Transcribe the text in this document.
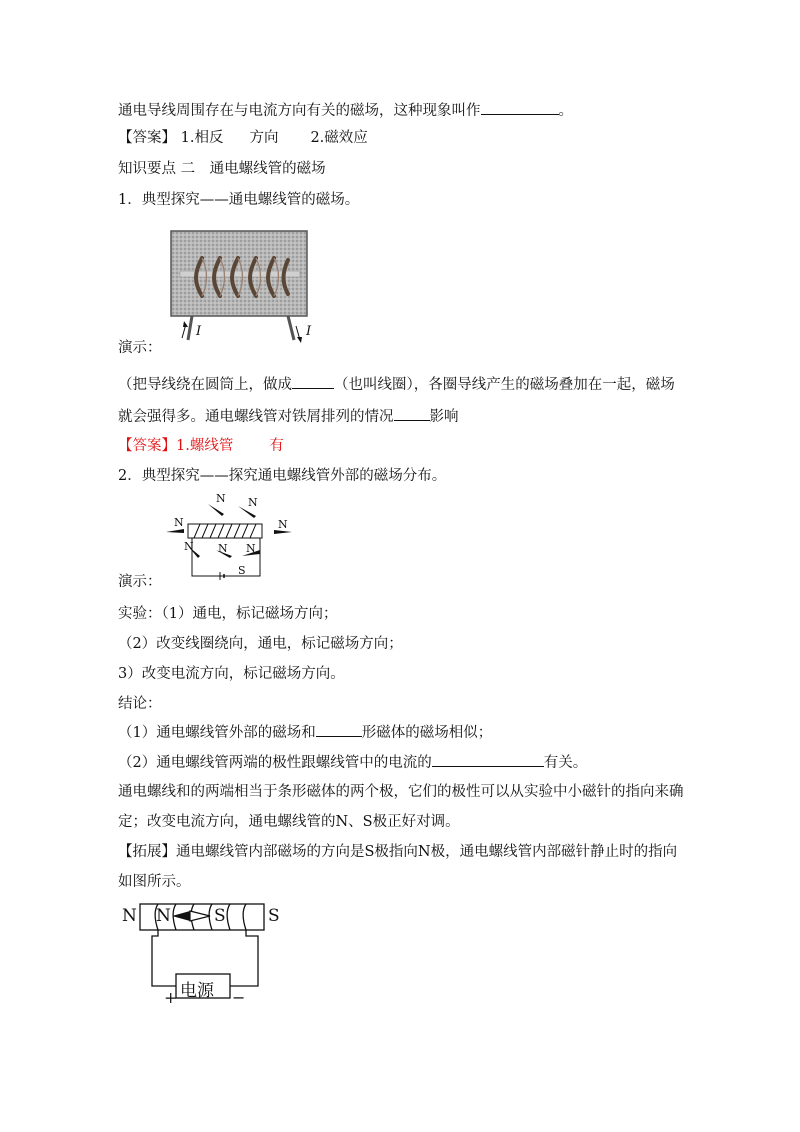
通电导线周围存在与电流方向有关的磁场，这种现象叫作	。
【答案】 1.相反 方向 2.磁效应
知识要点 二　通电螺线管的磁场
1．典型探究——通电螺线管的磁场。
I	I
演示：
（把导线绕在圆筒上，做成	（也叫线圈），各圈导线产生的磁场叠加在一起，磁场
就会强得多。通电螺线管对铁屑排列的情况 影响
【答案】1.螺线管 有
2．典型探究——探究通电螺线管外部的磁场分布。
N
N N
N
N N N
S
演示：
实验：（1）通电，标记磁场方向；
（2）改变线圈绕向，通电，标记磁场方向；
3）改变电流方向，标记磁场方向。
结论：
（1）通电螺线管外部的磁场和	形磁体的磁场相似；
（2）通电螺线管两端的极性跟螺线管中的电流的	有关。
通电螺线和的两端相当于条形磁体的两个极，它们的极性可以从实验中小磁针的指向来确
定；改变电流方向，通电螺线管的N、S极正好对调。
【拓展】通电螺线管内部磁场的方向是S极指向N极，通电螺线管内部磁针静止时的指向
如图所示。
N	S
N	S
电源
+	−
